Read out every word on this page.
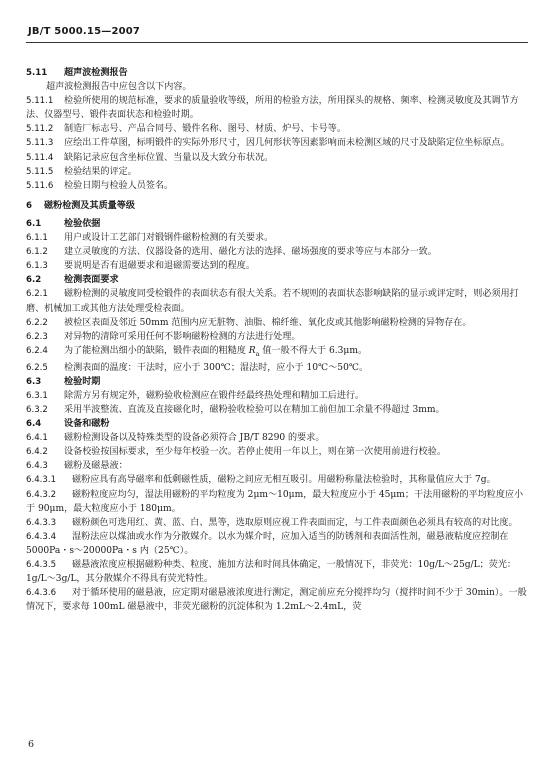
JB/T 5000.15—2007
5.11 超声波检测报告
超声波检测报告中应包含以下内容。
5.11.1 检验所使用的规范标准，要求的质量验收等级，所用的检验方法，所用探头的规格、频率、检测灵敏度及其调节方法、仪器型号、锻件表面状态和检验时期。
5.11.2 制造厂标志号、产品合同号、锻件名称、图号、材质、炉号、卡号等。
5.11.3 应绘出工件草图，标明锻件的实际外形尺寸，因几何形状等因素影响而未检测区域的尺寸及缺陷定位坐标原点。
5.11.4 缺陷记录应包含坐标位置、当量以及大致分布状况。
5.11.5 检验结果的评定。
5.11.6 检验日期与检验人员签名。
6 磁粉检测及其质量等级
6.1	检验依据
6.1.1 用户或设计工艺部门对锻钢件磁粉检测的有关要求。
6.1.2 建立灵敏度的方法、仪器设备的选用、磁化方法的选择、磁场强度的要求等应与本部分一致。
6.1.3 要说明是否有退磁要求和退磁需要达到的程度。
6.2	检测表面要求
6.2.1 磁粉检测的灵敏度同受检锻件的表面状态有很大关系。若不规则的表面状态影响缺陷的显示或评定时，则必须用打磨、机械加工或其他方法处理受检表面。
6.2.2 被检区表面及邻近 50mm 范围内应无脏物、油脂、棉纤维、氧化皮或其他影响磁粉检测的异物存在。
6.2.3 对异物的清除可采用任何不影响磁粉检测的方法进行处理。
6.2.4 为了能检测出细小的缺陷，锻件表面的粗糙度 $R_a$ 值一般不得大于 6.3μm。
6.2.5 检测表面的温度：干法时，应小于 300℃；湿法时，应小于 10℃～50℃。
6.3	检验时期
6.3.1 除需方另有规定外，磁粉验收检测应在锻件经最终热处理和精加工后进行。
6.3.2 采用半波整流、直流及直接磁化时，磁粉验收检验可以在精加工前但加工余量不得超过 3mm。
6.4	设备和磁粉
6.4.1 磁粉检测设备以及特殊类型的设备必须符合 JB/T 8290 的要求。
6.4.2 设备校验按国标要求，至少每年校验一次。若停止使用一年以上，则在第一次使用前进行校验。
6.4.3 磁粉及磁悬液：
6.4.3.1 磁粉应具有高导磁率和低剩磁性质，磁粉之间应无相互吸引。用磁粉称量法检验时，其称量值应大于 7g。
6.4.3.2 磁粉粒度应均匀，湿法用磁粉的平均粒度为 2μm～10μm，最大粒度应小于 45μm；干法用磁粉的平均粒度应小于 90μm，最大粒度应小于 180μm。
6.4.3.3 磁粉颜色可选用红、黄、蓝、白、黑等，选取原则应视工件表面而定，与工件表面颜色必须具有较高的对比度。
6.4.3.4 湿粉法应以煤油或水作为分散媒介。以水为媒介时，应加入适当的防锈剂和表面活性剂，磁悬液粘度应控制在 5000Pa・s～20000Pa・s 内（25℃）。
6.4.3.5 磁悬液浓度应根据磁粉种类、粒度、施加方法和时间具体确定，一般情况下，非荧光：10g/L～25g/L；荧光：1g/L～3g/L，其分散媒介不得具有荧光特性。
6.4.3.6 对于循环使用的磁悬液，应定期对磁悬液浓度进行测定，测定前应充分搅拌均匀（搅拌时间不少于 30min）。一般情况下，要求每 100mL 磁悬液中，非荧光磁粉的沉淀体积为 1.2mL～2.4mL，荧
6
